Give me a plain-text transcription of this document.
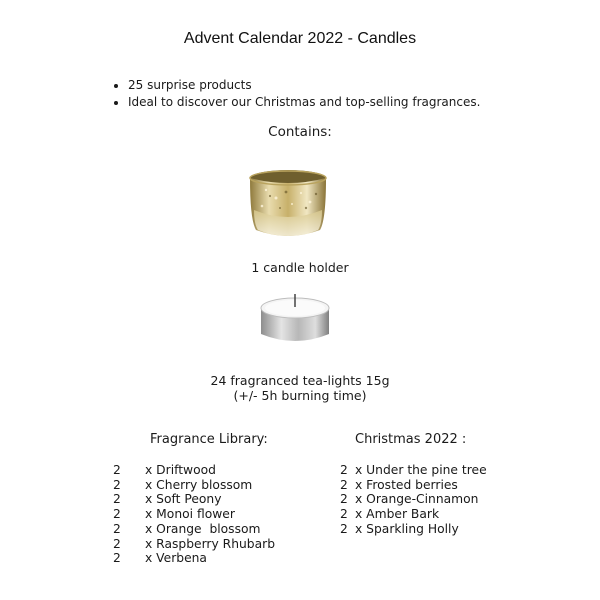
Advent Calendar 2022 - Candles
• 25 surprise products
• Ideal to discover our Christmas and top-selling fragrances.
Contains:
1 candle holder
24 fragranced tea-lights 15g
(+/- 5h burning time)
Fragrance Library:	Christmas 2022 :
2 x Driftwood
2 x Cherry blossom
2 x Soft Peony
2 x Monoi flower
2 x Orange  blossom
2 x Raspberry Rhubarb
2 x Verbena
2 x Under the pine tree
2 x Frosted berries
2 x Orange-Cinnamon
2 x Amber Bark
2 x Sparkling Holly
